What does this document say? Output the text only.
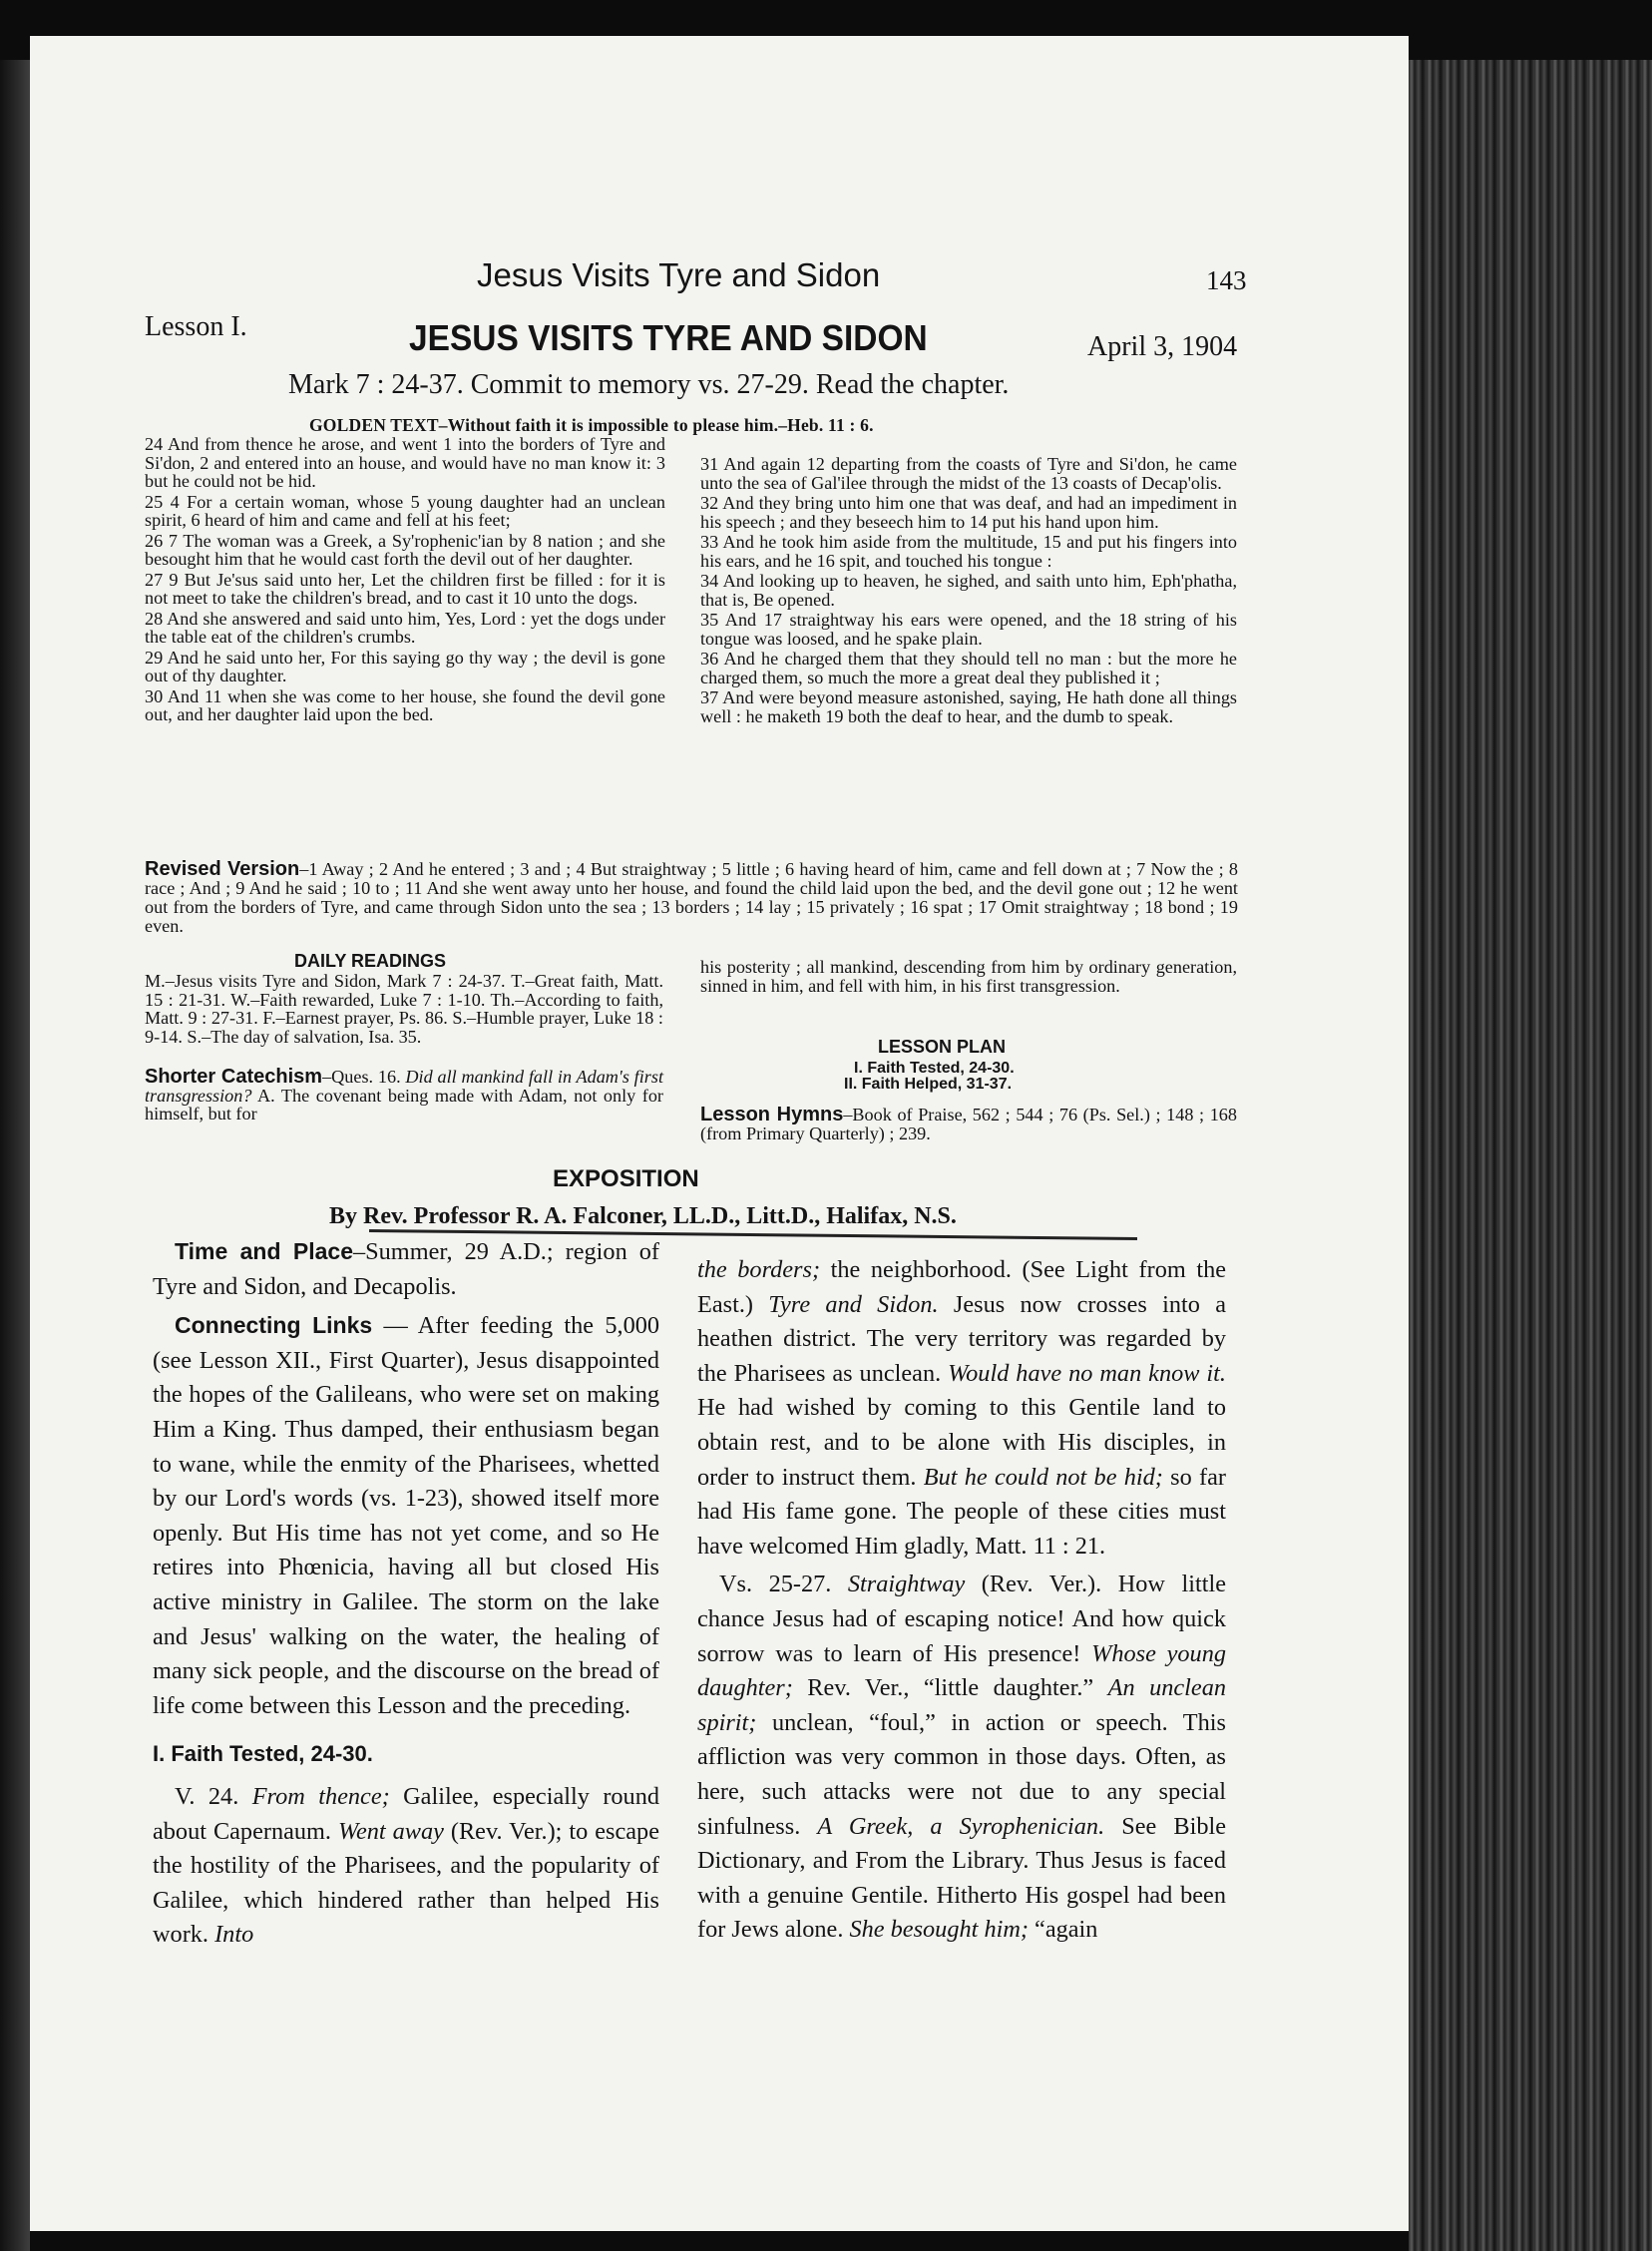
Jesus Visits Tyre and Sidon	143
Lesson I.	JESUS VISITS TYRE AND SIDON	April 3, 1904
Mark 7 : 24-37. Commit to memory vs. 27-29. Read the chapter.
GOLDEN TEXT–Without faith it is impossible to please him.–Heb. 11 : 6.

24 And from thence he arose, and went 1 into the borders of Tyre and Si'don, 2 and entered into an house, and would have no man know it: 3 but he could not be hid.

25 4 For a certain woman, whose 5 young daughter had an unclean spirit, 6 heard of him and came and fell at his feet;

26 7 The woman was a Greek, a Sy'rophenic'ian by 8 nation ; and she besought him that he would cast forth the devil out of her daughter.

27 9 But Je'sus said unto her, Let the children first be filled : for it is not meet to take the children's bread, and to cast it 10 unto the dogs.

28 And she answered and said unto him, Yes, Lord : yet the dogs under the table eat of the children's crumbs.

29 And he said unto her, For this saying go thy way ; the devil is gone out of thy daughter.

30 And 11 when she was come to her house, she found the devil gone out, and her daughter laid upon the bed.

31 And again 12 departing from the coasts of Tyre and Si'don, he came unto the sea of Gal'ilee through the midst of the 13 coasts of Decap'olis.

32 And they bring unto him one that was deaf, and had an impediment in his speech ; and they beseech him to 14 put his hand upon him.

33 And he took him aside from the multitude, 15 and put his fingers into his ears, and he 16 spit, and touched his tongue :

34 And looking up to heaven, he sighed, and saith unto him, Eph'phatha, that is, Be opened.

35 And 17 straightway his ears were opened, and the 18 string of his tongue was loosed, and he spake plain.

36 And he charged them that they should tell no man : but the more he charged them, so much the more a great deal they published it ;

37 And were beyond measure astonished, saying, He hath done all things well : he maketh 19 both the deaf to hear, and the dumb to speak.

Revised Version–1 Away ; 2 And he entered ; 3 and ; 4 But straightway ; 5 little ; 6 having heard of him, came and fell down at ; 7 Now the ; 8 race ; And ; 9 And he said ; 10 to ; 11 And she went away unto her house, and found the child laid upon the bed, and the devil gone out ; 12 he went out from the borders of Tyre, and came through Sidon unto the sea ; 13 borders ; 14 lay ; 15 privately ; 16 spat ; 17 Omit straightway ; 18 bond ; 19 even.
DAILY READINGS
M.–Jesus visits Tyre and Sidon, Mark 7 : 24-37. T.–Great faith, Matt. 15 : 21-31. W.–Faith rewarded, Luke 7 : 1-10. Th.–According to faith, Matt. 9 : 27-31. F.–Earnest prayer, Ps. 86. S.–Humble prayer, Luke 18 : 9-14. S.–The day of salvation, Isa. 35.
Shorter Catechism–Ques. 16. Did all mankind fall in Adam's first transgression? A. The covenant being made with Adam, not only for himself, but for
his posterity ; all mankind, descending from him by ordinary generation, sinned in him, and fell with him, in his first transgression.
LESSON PLAN
I. Faith Tested, 24-30.
II. Faith Helped, 31-37.
Lesson Hymns–Book of Praise, 562 ; 544 ; 76 (Ps. Sel.) ; 148 ; 168 (from Primary Quarterly) ; 239.
EXPOSITION
By Rev. Professor R. A. Falconer, LL.D., Litt.D., Halifax, N.S.

Time and Place–Summer, 29 A.D.; region of Tyre and Sidon, and Decapolis.

Connecting Links — After feeding the 5,000 (see Lesson XII., First Quarter), Jesus disappointed the hopes of the Galileans, who were set on making Him a King. Thus damped, their enthusiasm began to wane, while the enmity of the Pharisees, whetted by our Lord's words (vs. 1-23), showed itself more openly. But His time has not yet come, and so He retires into Phœnicia, having all but closed His active ministry in Galilee. The storm on the lake and Jesus' walking on the water, the healing of many sick people, and the discourse on the bread of life come between this Lesson and the preceding.

I. Faith Tested, 24-30.

V. 24. From thence; Galilee, especially round about Capernaum. Went away (Rev. Ver.); to escape the hostility of the Pharisees, and the popularity of Galilee, which hindered rather than helped His work. Into

the borders; the neighborhood. (See Light from the East.) Tyre and Sidon. Jesus now crosses into a heathen district. The very territory was regarded by the Pharisees as unclean. Would have no man know it. He had wished by coming to this Gentile land to obtain rest, and to be alone with His disciples, in order to instruct them. But he could not be hid; so far had His fame gone. The people of these cities must have welcomed Him gladly, Matt. 11 : 21.

Vs. 25-27. Straightway (Rev. Ver.). How little chance Jesus had of escaping notice! And how quick sorrow was to learn of His presence! Whose young daughter; Rev. Ver., “little daughter.” An unclean spirit; unclean, “foul,” in action or speech. This affliction was very common in those days. Often, as here, such attacks were not due to any special sinfulness. A Greek, a Syrophenician. See Bible Dictionary, and From the Library. Thus Jesus is faced with a genuine Gentile. Hitherto His gospel had been for Jews alone. She besought him; “again
